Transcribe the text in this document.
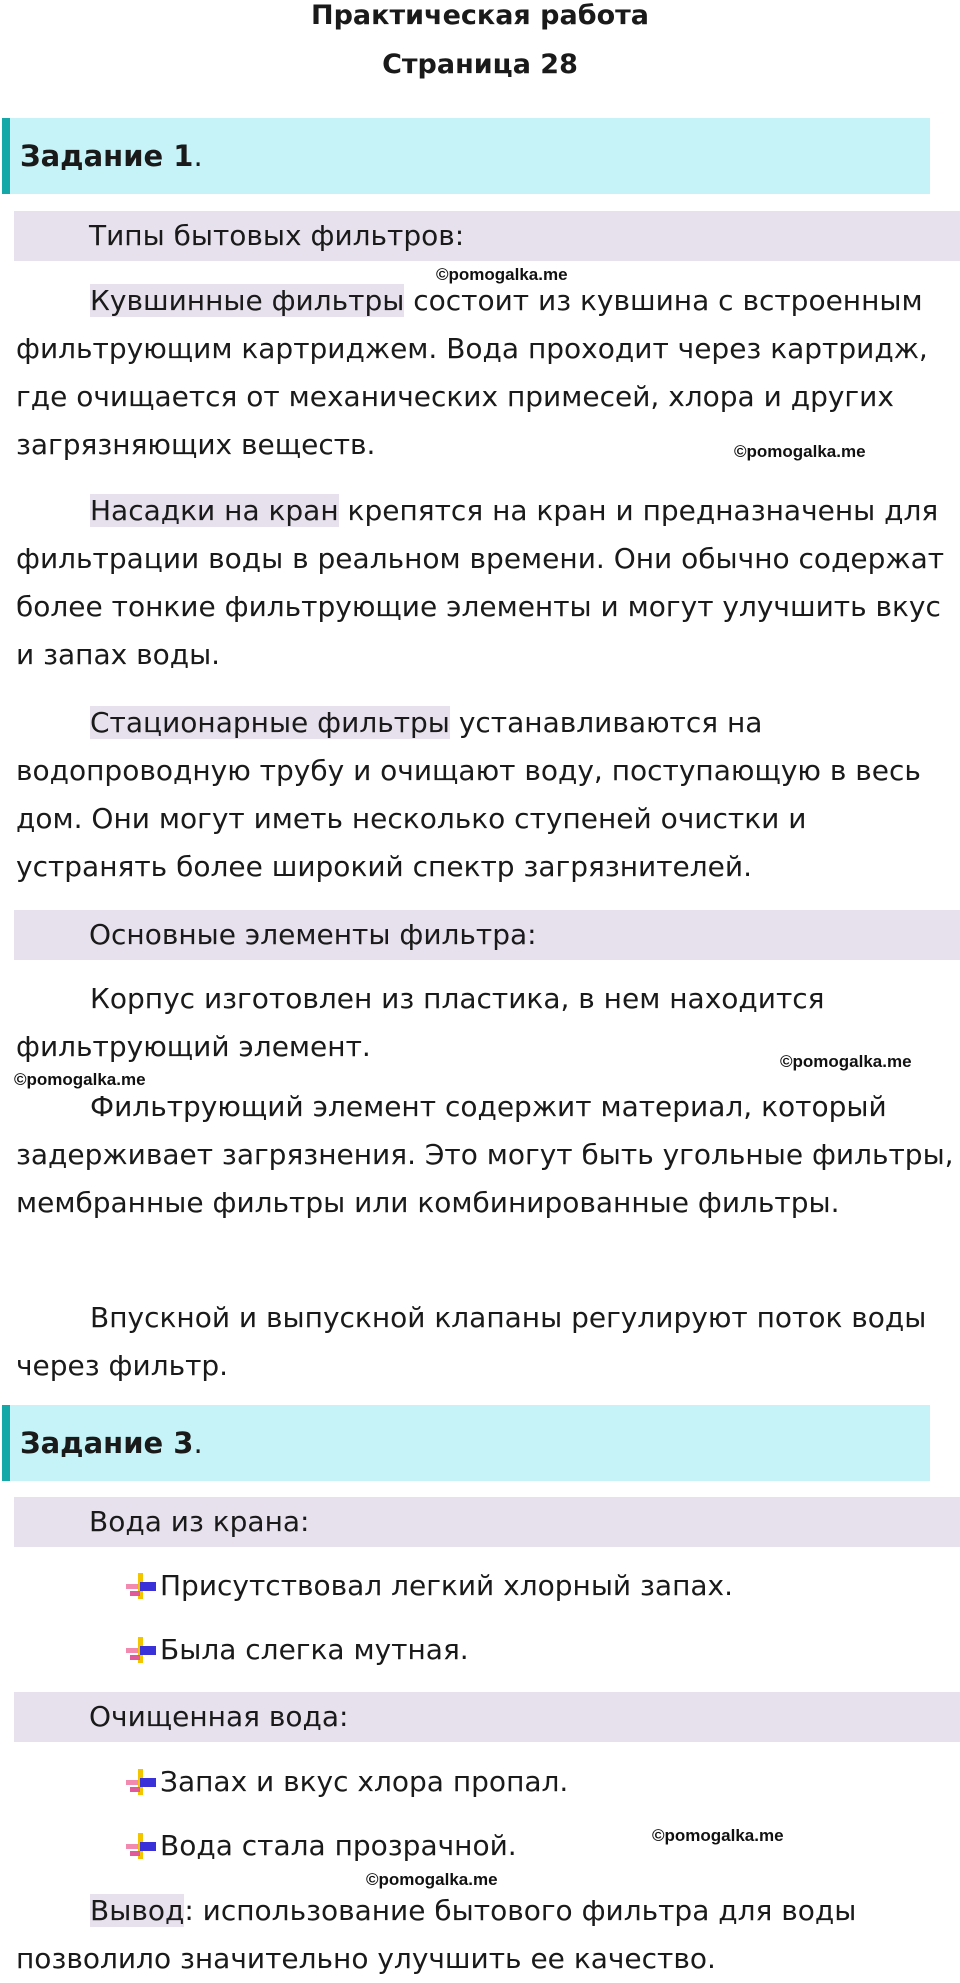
Практическая работа
Страница 28
Задание 1.
Типы бытовых фильтров:
©pomogalka.me

Кувшинные фильтры состоит из кувшина с встроенным фильтрующим картриджем. Вода проходит через картридж, где очищается от механических примесей, хлора и других загрязняющих веществ.	©pomogalka.me

Насадки на кран крепятся на кран и предназначены для фильтрации воды в реальном времени. Они обычно содержат более тонкие фильтрующие элементы и могут улучшить вкус и запах воды.

Стационарные фильтры устанавливаются на водопроводную трубу и очищают воду, поступающую в весь дом. Они могут иметь несколько ступеней очистки и устранять более широкий спектр загрязнителей.

Основные элементы фильтра:

Корпус изготовлен из пластика, в нем находится фильтрующий элемент.	©pomogalka.me
©pomogalka.me

Фильтрующий элемент содержит материал, который задерживает загрязнения. Это могут быть угольные фильтры, мембранные фильтры или комбинированные фильтры.

Впускной и выпускной клапаны регулируют поток воды через фильтр.

Задание 3.
Вода из крана:
Присутствовал легкий хлорный запах.
Была слегка мутная.
Очищенная вода:
Запах и вкус хлора пропал.
©pomogalka.me
Вода стала прозрачной.
©pomogalka.me

Вывод: использование бытового фильтра для воды позволило значительно улучшить ее качество.
